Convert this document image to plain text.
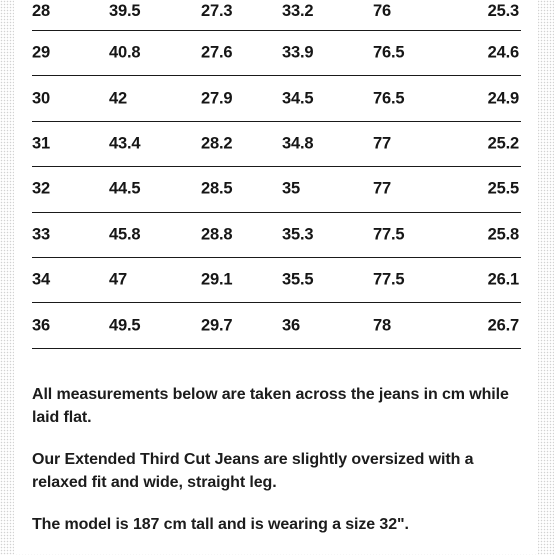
28	39.5	27.3	33.2	76	25.3
29	40.8	27.6	33.9	76.5	24.6
30	42	27.9	34.5	76.5	24.9
31	43.4	28.2	34.8	77	25.2
32	44.5	28.5	35	77	25.5
33	45.8	28.8	35.3	77.5	25.8
34	47	29.1	35.5	77.5	26.1
36	49.5	29.7	36	78	26.7

All measurements below are taken across the jeans in cm while laid flat.

Our Extended Third Cut Jeans are slightly oversized with a relaxed fit and wide, straight leg.

The model is 187 cm tall and is wearing a size 32".
